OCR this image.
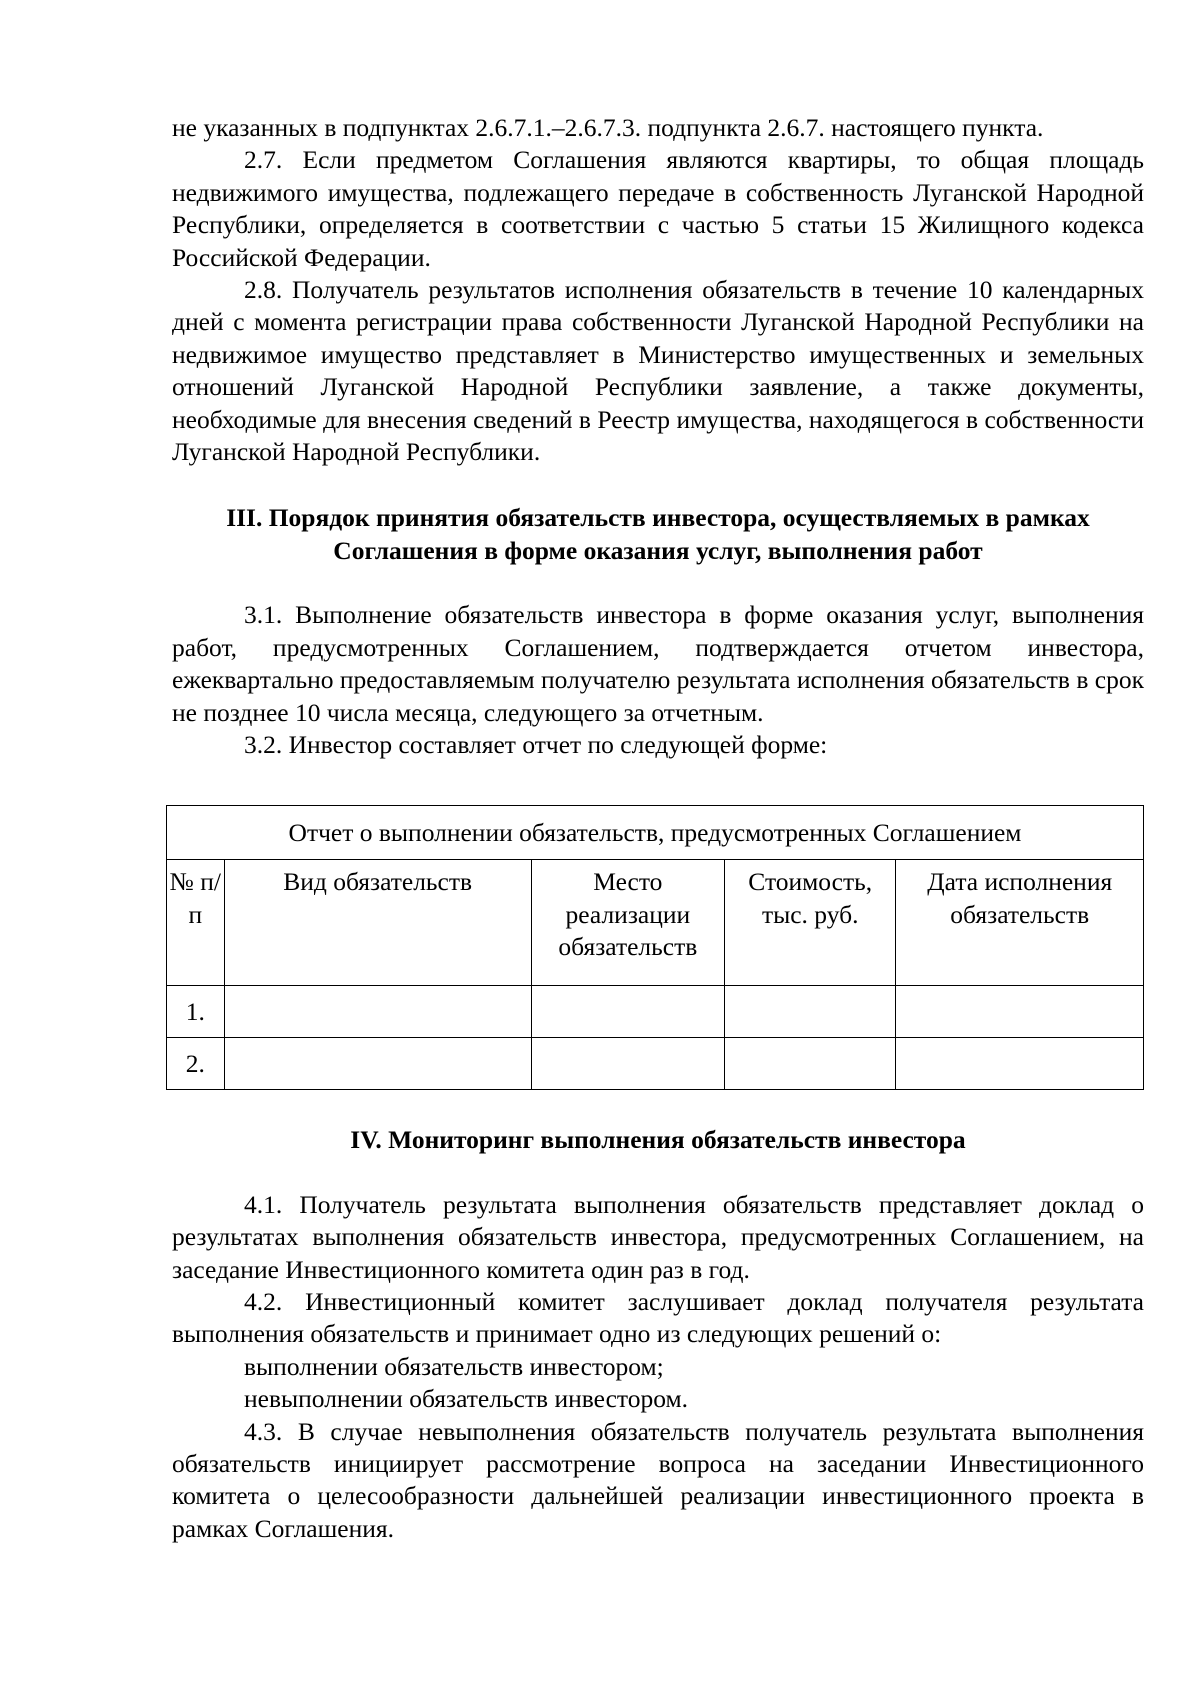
не указанных в подпунктах 2.6.7.1.–2.6.7.3. подпункта 2.6.7. настоящего пункта.

2.7. Если предметом Соглашения являются квартиры, то общая площадь недвижимого имущества, подлежащего передаче в собственность Луганской Народной Республики, определяется в соответствии с частью 5 статьи 15 Жилищного кодекса Российской Федерации.

2.8. Получатель результатов исполнения обязательств в течение 10 календарных дней с момента регистрации права собственности Луганской Народной Республики на недвижимое имущество представляет в Министерство имущественных и земельных отношений Луганской Народной Республики заявление, а также документы, необходимые для внесения сведений в Реестр имущества, находящегося в собственности Луганской Народной Республики.

III. Порядок принятия обязательств инвестора, осуществляемых в рамках
Соглашения в форме оказания услуг, выполнения работ

3.1. Выполнение обязательств инвестора в форме оказания услуг, выполнения работ, предусмотренных Соглашением, подтверждается отчетом инвестора, ежеквартально предоставляемым получателю результата исполнения обязательств в срок не позднее 10 числа месяца, следующего за отчетным.

3.2. Инвестор составляет отчет по следующей форме:

Отчет о выполнении обязательств, предусмотренных Соглашением				
№ п/п	Вид обязательств	Место реализации обязательств	Стоимость, тыс. руб.	Дата исполнения обязательств
1.				
2.				
IV. Мониторинг выполнения обязательств инвестора

4.1. Получатель результата выполнения обязательств представляет доклад о результатах выполнения обязательств инвестора, предусмотренных Соглашением, на заседание Инвестиционного комитета один раз в год.

4.2. Инвестиционный комитет заслушивает доклад получателя результата выполнения обязательств и принимает одно из следующих решений о:

выполнении обязательств инвестором;

невыполнении обязательств инвестором.

4.3. В случае невыполнения обязательств получатель результата выполнения обязательств инициирует рассмотрение вопроса на заседании Инвестиционного комитета о целесообразности дальнейшей реализации инвестиционного проекта в рамках Соглашения.
